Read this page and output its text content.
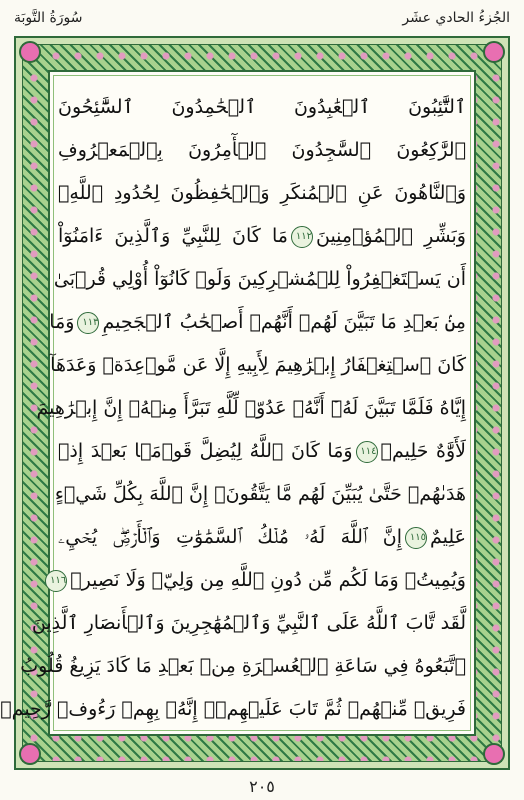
الجُزءُ الحادي عشَر
سُورَةُ التَّوبَة
ٱلتَّٰٓئِبُونَ ٱلۡعَٰبِدُونَ ٱلۡحَٰمِدُونَ ٱلسَّٰٓئِحُونَ
ٱلرَّٰكِعُونَ ٱلسَّٰجِدُونَ ٱلۡأٓمِرُونَ بِٱلۡمَعۡرُوفِ
وَٱلنَّاهُونَ عَنِ ٱلۡمُنكَرِ وَٱلۡحَٰفِظُونَ لِحُدُودِ ٱللَّهِۗ
وَبَشِّرِ ٱلۡمُؤۡمِنِينَ١١٢مَا كَانَ لِلنَّبِيِّ وَٱلَّذِينَ ءَامَنُوٓاْ
أَن يَسۡتَغۡفِرُواْ لِلۡمُشۡرِكِينَ وَلَوۡ كَانُوٓاْ أُوْلِي قُرۡبَىٰ
مِنۢ بَعۡدِ مَا تَبَيَّنَ لَهُمۡ أَنَّهُمۡ أَصۡحَٰبُ ٱلۡجَحِيمِ١١٣وَمَا
كَانَ ٱسۡتِغۡفَارُ إِبۡرَٰهِيمَ لِأَبِيهِ إِلَّا عَن مَّوۡعِدَةٖ وَعَدَهَآ
إِيَّاهُ فَلَمَّا تَبَيَّنَ لَهُۥٓ أَنَّهُۥ عَدُوّٞ لِّلَّهِ تَبَرَّأَ مِنۡهُۚ إِنَّ إِبۡرَٰهِيمَ
لَأَوَّٰهٌ حَلِيمٞ١١٤وَمَا كَانَ ٱللَّهُ لِيُضِلَّ قَوۡمَۢا بَعۡدَ إِذۡ
هَدَىٰهُمۡ حَتَّىٰ يُبَيِّنَ لَهُم مَّا يَتَّقُونَۚ إِنَّ ٱللَّهَ بِكُلِّ شَيۡءٍ
عَلِيمٌ١١٥إِنَّ ٱللَّهَ لَهُۥ مُلۡكُ ٱلسَّمَٰوَٰتِ وَٱلۡأَرۡضِۖ يُحۡيِۦ
وَيُمِيتُۚ وَمَا لَكُم مِّن دُونِ ٱللَّهِ مِن وَلِيّٖ وَلَا نَصِيرٖ١١٦
لَّقَد تَّابَ ٱللَّهُ عَلَى ٱلنَّبِيِّ وَٱلۡمُهَٰجِرِينَ وَٱلۡأَنصَارِ ٱلَّذِينَ
ٱتَّبَعُوهُ فِي سَاعَةِ ٱلۡعُسۡرَةِ مِنۢ بَعۡدِ مَا كَادَ يَزِيغُ قُلُوبُ
فَرِيقٖ مِّنۡهُمۡ ثُمَّ تَابَ عَلَيۡهِمۡۚ إِنَّهُۥ بِهِمۡ رَءُوفٞ رَّحِيمٞ
٢٠٥
